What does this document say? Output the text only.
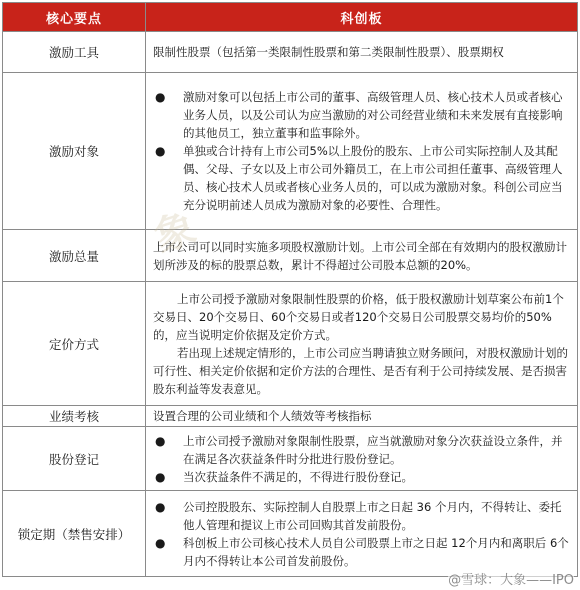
核心要点	科创板
激励工具	限制性股票（包括第一类限制性股票和第二类限制性股票）、股票期权

激励对象	● 激励对象可以包括上市公司的董事、高级管理人员、核心技术人员或者核心业务人员，以及公司认为应当激励的对公司经营业绩和未来发展有直接影响的其他员工，独立董事和监事除外。
● 单独或合计持有上市公司5%以上股份的股东、上市公司实际控制人及其配偶、父母、子女以及上市公司外籍员工，在上市公司担任董事、高级管理人员、核心技术人员或者核心业务人员的，可以成为激励对象。科创公司应当充分说明前述人员成为激励对象的必要性、合理性。

激励总量	上市公司可以同时实施多项股权激励计划。上市公司全部在有效期内的股权激励计划所涉及的标的股票总数，累计不得超过公司股本总额的20%。

定价方式	上市公司授予激励对象限制性股票的价格，低于股权激励计划草案公布前1个交易日、20个交易日、60个交易日或者120个交易日公司股票交易均价的50%的，应当说明定价依据及定价方式。
若出现上述规定情形的，上市公司应当聘请独立财务顾问，对股权激励计划的可行性、相关定价依据和定价方法的合理性、是否有利于公司持续发展、是否损害股东利益等发表意见。

业绩考核	设置合理的公司业绩和个人绩效等考核指标

股份登记	● 上市公司授予激励对象限制性股票，应当就激励对象分次获益设立条件，并在满足各次获益条件时分批进行股份登记。
● 当次获益条件不满足的，不得进行股份登记。

锁定期（禁售安排）	● 公司控股股东、实际控制人自股票上市之日起 36 个月内，不得转让、委托他人管理和提议上市公司回购其首发前股份。
● 科创板上市公司核心技术人员自公司股票上市之日起 12个月内和离职后 6个月内不得转让本公司首发前股份。
象
@雪球：大象——IPO
